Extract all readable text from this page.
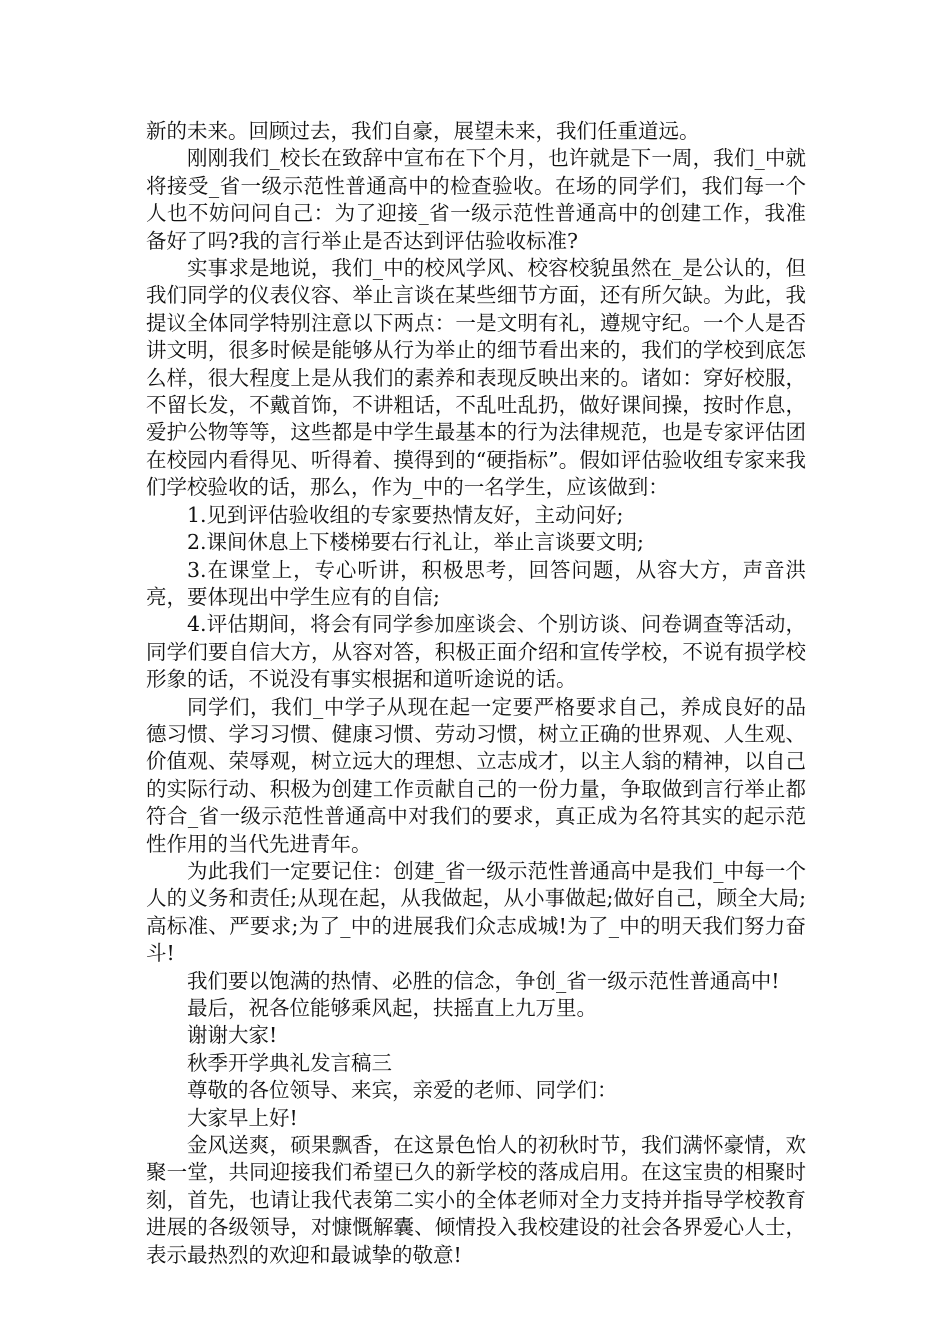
新的未来。回顾过去，我们自豪，展望未来，我们任重道远。

刚刚我们_校长在致辞中宣布在下个月，也许就是下一周，我们_中就将接受_省一级示范性普通高中的检查验收。在场的同学们，我们每一个人也不妨问问自己：为了迎接_省一级示范性普通高中的创建工作，我准备好了吗?我的言行举止是否达到评估验收标准?

实事求是地说，我们_中的校风学风、校容校貌虽然在_是公认的，但我们同学的仪表仪容、举止言谈在某些细节方面，还有所欠缺。为此，我提议全体同学特别注意以下两点：一是文明有礼，遵规守纪。一个人是否讲文明，很多时候是能够从行为举止的细节看出来的，我们的学校到底怎么样，很大程度上是从我们的素养和表现反映出来的。诸如：穿好校服，不留长发，不戴首饰，不讲粗话，不乱吐乱扔，做好课间操，按时作息，爱护公物等等，这些都是中学生最基本的行为法律规范，也是专家评估团在校园内看得见、听得着、摸得到的“硬指标”。假如评估验收组专家来我们学校验收的话，那么，作为_中的一名学生，应该做到：

1.见到评估验收组的专家要热情友好，主动问好;

2.课间休息上下楼梯要右行礼让，举止言谈要文明;

3.在课堂上，专心听讲，积极思考，回答问题，从容大方，声音洪亮，要体现出中学生应有的自信;

4.评估期间，将会有同学参加座谈会、个别访谈、问卷调查等活动，同学们要自信大方，从容对答，积极正面介绍和宣传学校，不说有损学校形象的话，不说没有事实根据和道听途说的话。

同学们，我们_中学子从现在起一定要严格要求自己，养成良好的品德习惯、学习习惯、健康习惯、劳动习惯，树立正确的世界观、人生观、价值观、荣辱观，树立远大的理想、立志成才，以主人翁的精神，以自己的实际行动、积极为创建工作贡献自己的一份力量，争取做到言行举止都符合_省一级示范性普通高中对我们的要求，真正成为名符其实的起示范性作用的当代先进青年。

为此我们一定要记住：创建_省一级示范性普通高中是我们_中每一个人的义务和责任;从现在起，从我做起，从小事做起;做好自己，顾全大局;高标准、严要求;为了_中的进展我们众志成城!为了_中的明天我们努力奋斗!

我们要以饱满的热情、必胜的信念，争创_省一级示范性普通高中!

最后，祝各位能够乘风起，扶摇直上九万里。

谢谢大家!

秋季开学典礼发言稿三

尊敬的各位领导、来宾，亲爱的老师、同学们：

大家早上好!

金风送爽，硕果飘香，在这景色怡人的初秋时节，我们满怀豪情，欢聚一堂，共同迎接我们希望已久的新学校的落成启用。在这宝贵的相聚时刻，首先，也请让我代表第二实小的全体老师对全力支持并指导学校教育进展的各级领导，对慷慨解囊、倾情投入我校建设的社会各界爱心人士，表示最热烈的欢迎和最诚挚的敬意!
